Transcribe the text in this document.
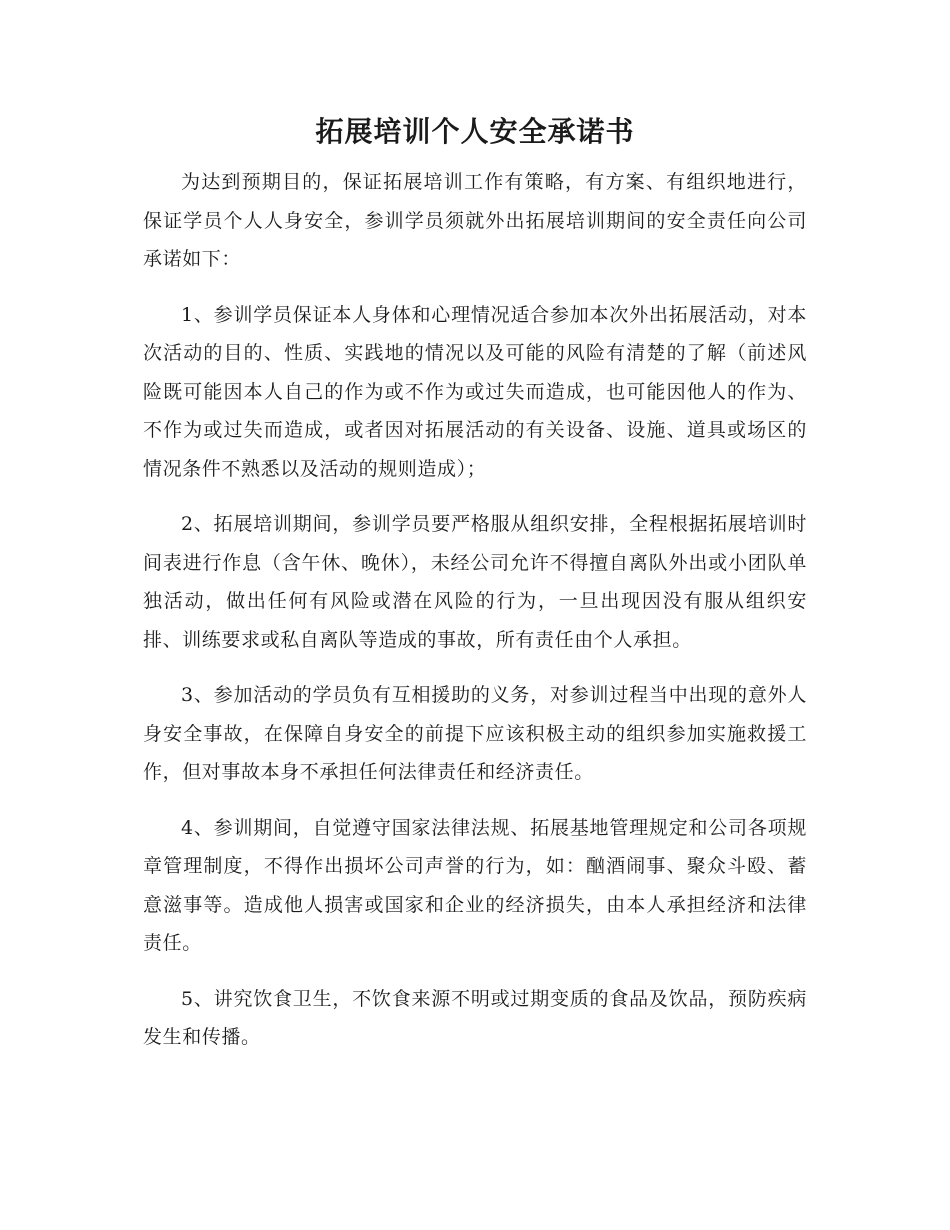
拓展培训个人安全承诺书

为达到预期目的，保证拓展培训工作有策略，有方案、有组织地进行，保证学员个人人身安全，参训学员须就外出拓展培训期间的安全责任向公司承诺如下：

1、参训学员保证本人身体和心理情况适合参加本次外出拓展活动，对本次活动的目的、性质、实践地的情况以及可能的风险有清楚的了解（前述风险既可能因本人自己的作为或不作为或过失而造成，也可能因他人的作为、不作为或过失而造成，或者因对拓展活动的有关设备、设施、道具或场区的情况条件不熟悉以及活动的规则造成）；

2、拓展培训期间，参训学员要严格服从组织安排，全程根据拓展培训时间表进行作息（含午休、晚休），未经公司允许不得擅自离队外出或小团队单独活动，做出任何有风险或潜在风险的行为，一旦出现因没有服从组织安排、训练要求或私自离队等造成的事故，所有责任由个人承担。

3、参加活动的学员负有互相援助的义务，对参训过程当中出现的意外人身安全事故，在保障自身安全的前提下应该积极主动的组织参加实施救援工作，但对事故本身不承担任何法律责任和经济责任。

4、参训期间，自觉遵守国家法律法规、拓展基地管理规定和公司各项规章管理制度，不得作出损坏公司声誉的行为，如：酗酒闹事、聚众斗殴、蓄意滋事等。造成他人损害或国家和企业的经济损失，由本人承担经济和法律责任。

5、讲究饮食卫生，不饮食来源不明或过期变质的食品及饮品，预防疾病发生和传播。
